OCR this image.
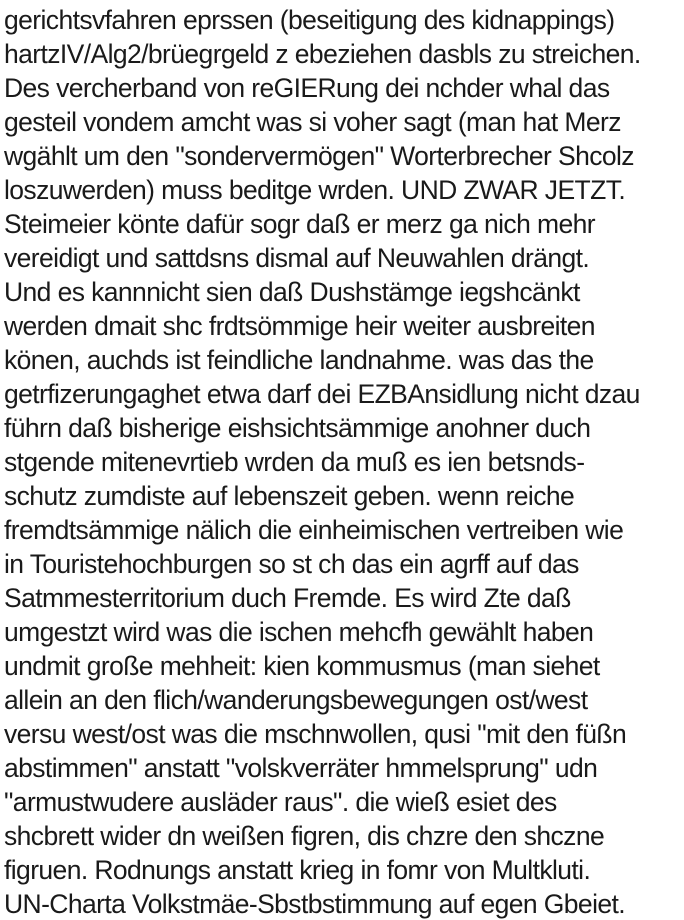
gerichtsvfahren eprssen (beseitigung des kidnappings)
hartzIV/Alg2/brüegrgeld z ebeziehen dasbls zu streichen.
Des vercherband von reGIERung dei nchder whal das
gesteil vondem amcht was si voher sagt (man hat Merz
wgählt um den "sondervermögen" Worterbrecher Shcolz
loszuwerden) muss beditge wrden. UND ZWAR JETZT.
Steimeier könte dafür sogr daß er merz ga nich mehr
vereidigt und sattdsns dismal auf Neuwahlen drängt.
Und es kannnicht sien daß Dushstämge iegshcänkt
werden dmait shc frdtsömmige heir weiter ausbreiten
könen, auchds ist feindliche landnahme. was das the
getrfizerungaghet etwa darf dei EZBAnsidlung nicht dzau
führn daß bisherige eishsichtsämmige anohner duch
stgende mitenevrtieb wrden da muß es ien betsnds-
schutz zumdiste auf lebenszeit geben. wenn reiche
fremdtsämmige nälich die einheimischen vertreiben wie
in Touristehochburgen so st ch das ein agrff auf das
Satmmesterritorium duch Fremde. Es wird Zte daß
umgestzt wird was die ischen mehcfh gewählt haben
undmit große mehheit: kien kommusmus (man siehet
allein an den flich/wanderungsbewegungen ost/west
versu west/ost was die mschnwollen, qusi "mit den füßn
abstimmen" anstatt "volskverräter hmmelsprung" udn
"armustwudere ausläder raus". die wieß esiet des
shcbrett wider dn weißen figren, dis chzre den shczne
figruen. Rodnungs anstatt krieg in fomr von Multkluti.
UN-Charta Volkstmäe-Sbstbstimmung auf egen Gbeiet.
